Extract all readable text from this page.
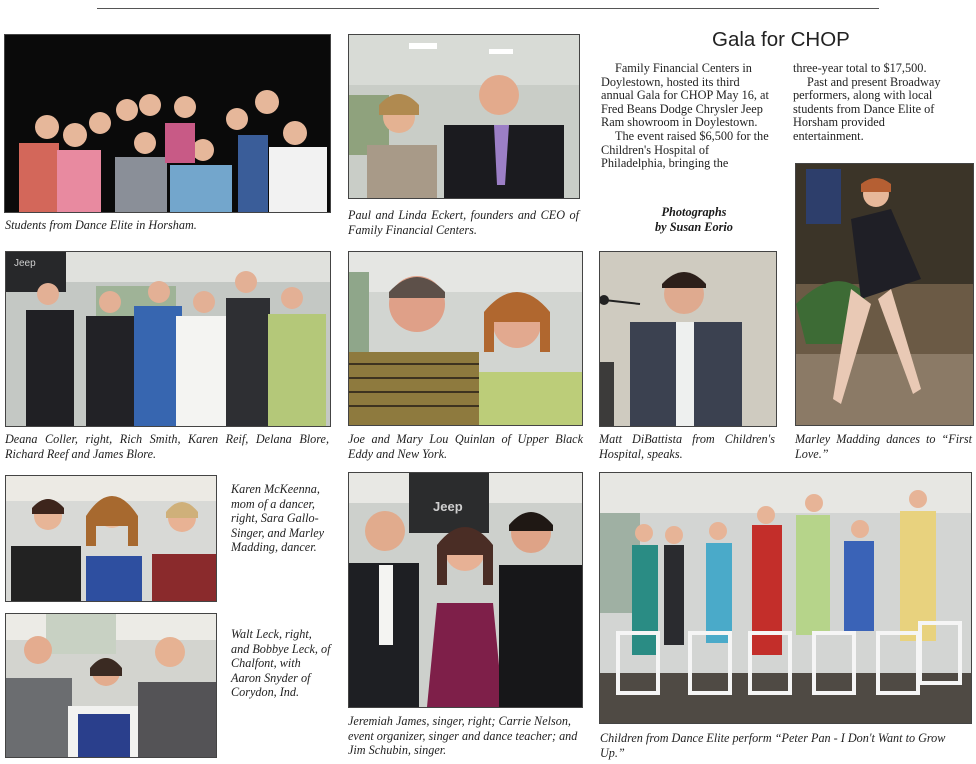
Students from Dance Elite in Horsham.
Paul and Linda Eckert, founders and CEO of Family Financial Centers.
Gala for CHOP

Family Financial Centers in Doylestown, hosted its third annual Gala for CHOP May 16, at Fred Beans Dodge Chrysler Jeep Ram showroom in Doylestown.

The event raised $6,500 for the Children's Hospital of Philadelphia, bringing the

three-year total to $17,500.

Past and present Broadway performers, along with local students from Dance Elite of Horsham provided entertainment.

Photographs
by Susan Eorio
Marley Madding dances to “First Love.”
Jeep
Deana Coller, right, Rich Smith, Karen Reif, Delana Blore, Richard Reef and James Blore.
Joe and Mary Lou Quinlan of Upper Black Eddy and New York.
Matt DiBattista from Children's Hospital, speaks.
Karen McKeenna, mom of a dancer, right, Sara Gallo-Singer, and Marley Madding, dancer.
Walt Leck, right, and Bobbye Leck, of Chalfont, with Aaron Snyder of Corydon, Ind.
Jeep
Jeremiah James, singer, right; Carrie Nelson, event organizer, singer and dance teacher; and Jim Schubin, singer.
Children from Dance Elite perform “Peter Pan - I Don't Want to Grow Up.”
